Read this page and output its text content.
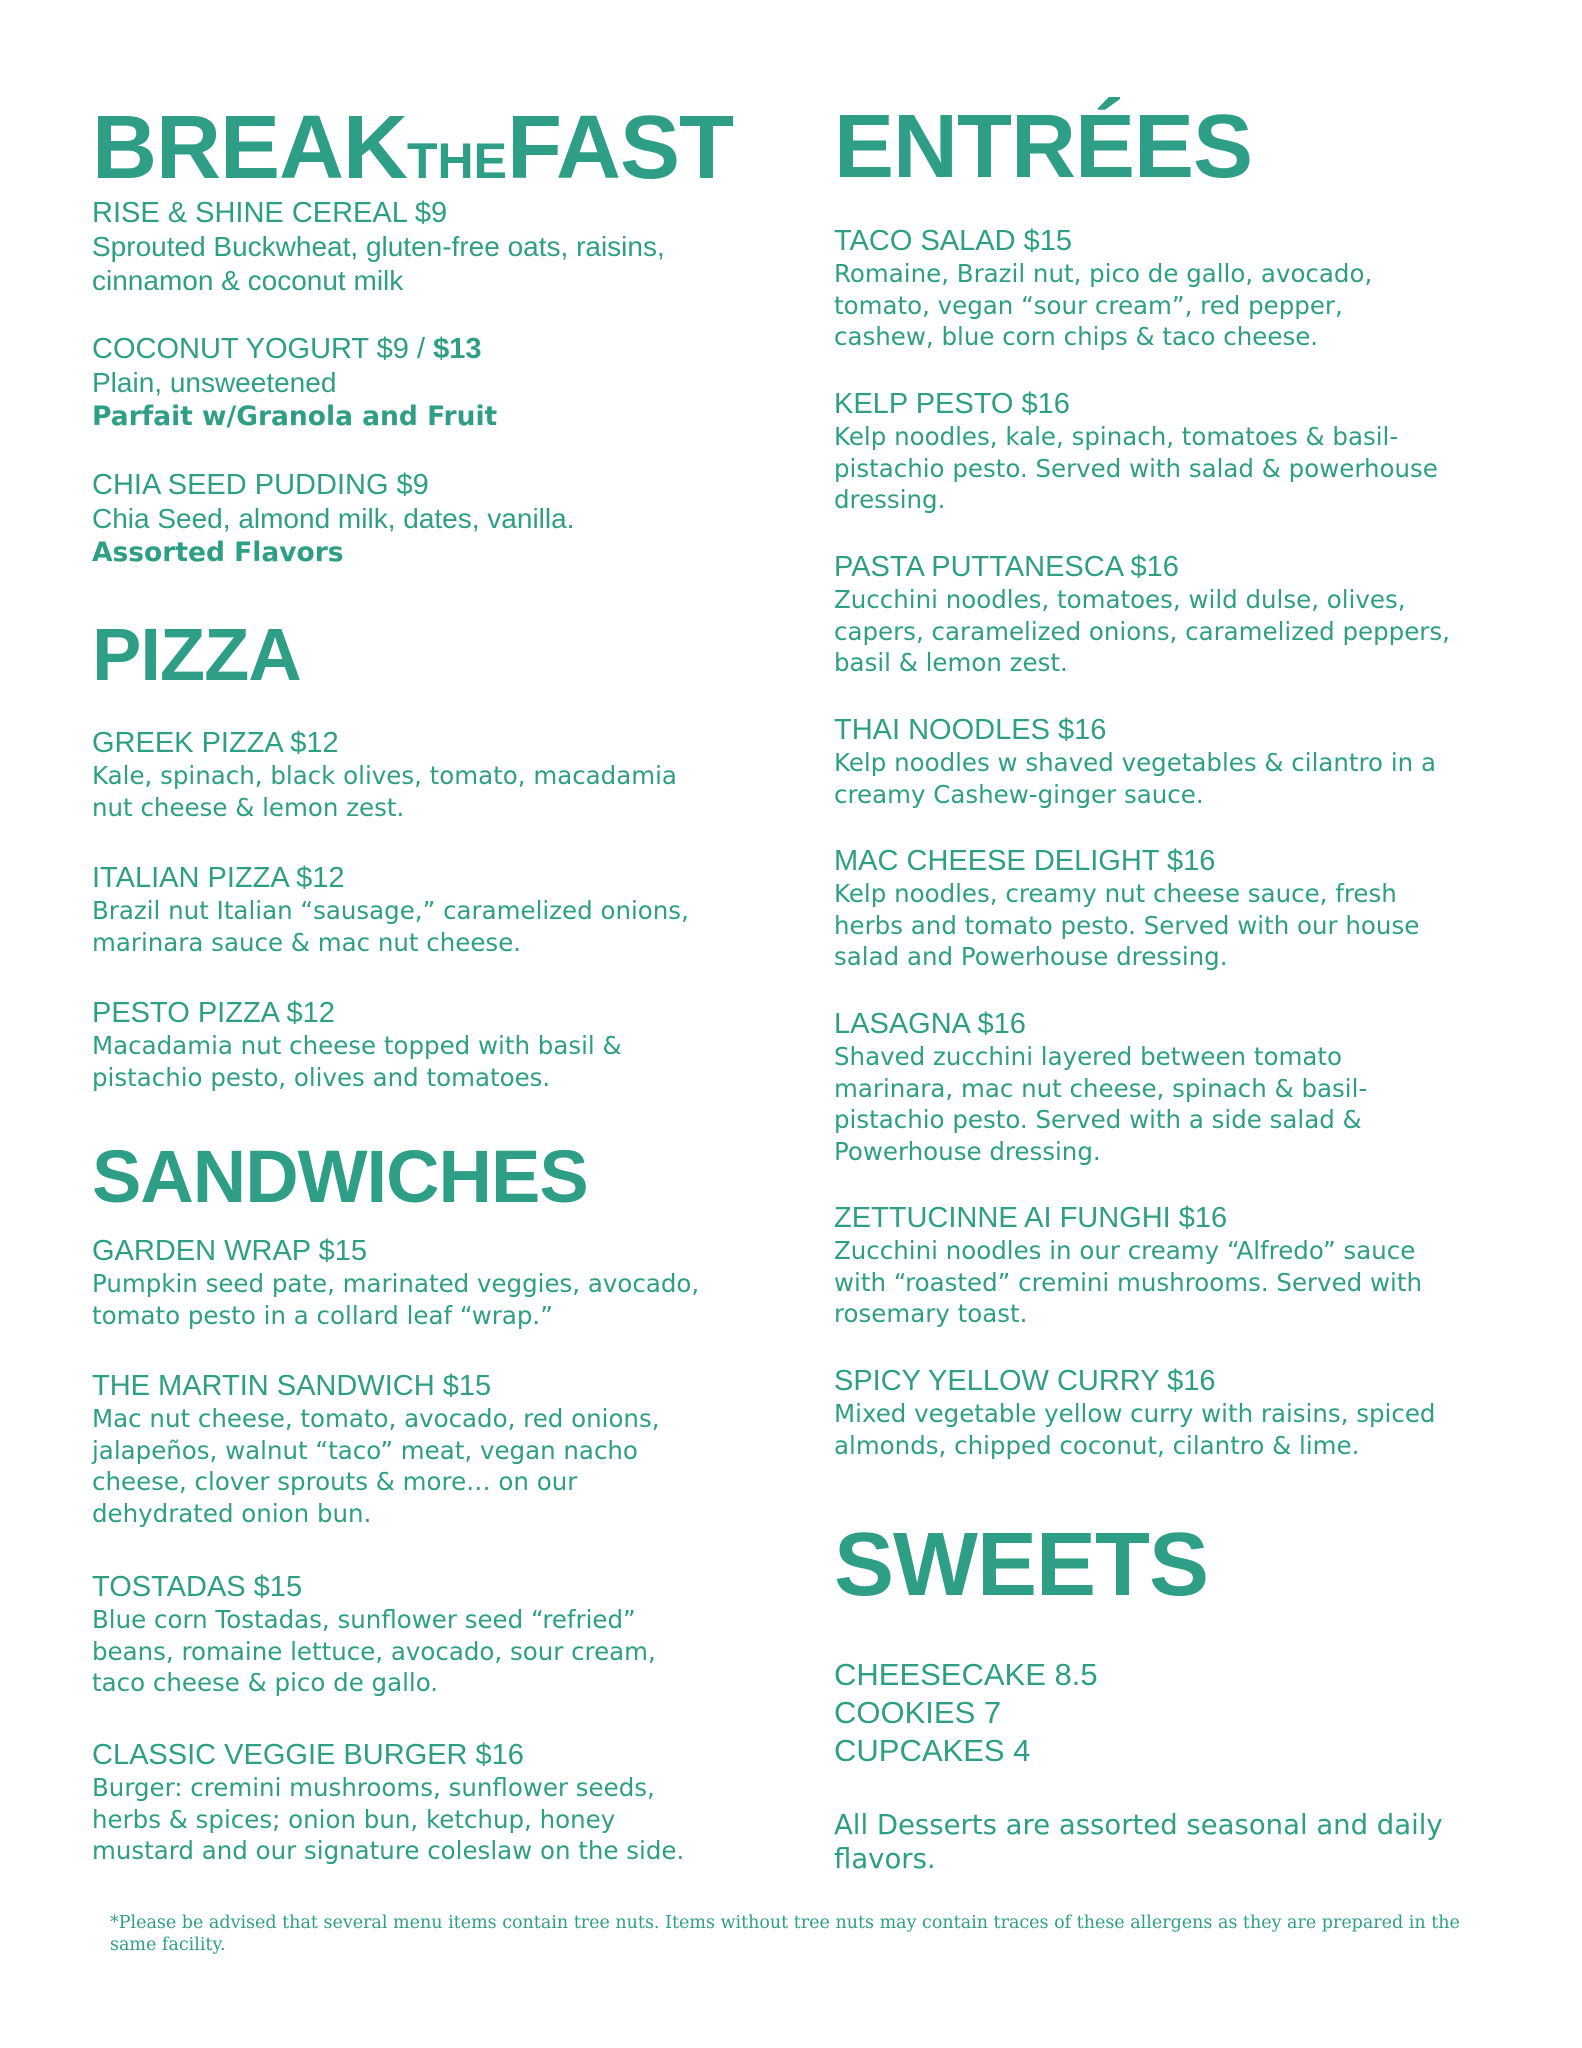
BREAKTHEFAST
RISE & SHINE CEREAL $9
Sprouted Buckwheat, gluten-free oats, raisins,
cinnamon & coconut milk
COCONUT YOGURT $9 / $13
Plain, unsweetened
Parfait w/Granola and Fruit
CHIA SEED PUDDING $9
Chia Seed, almond milk, dates, vanilla.
Assorted Flavors
PIZZA
GREEK PIZZA $12
Kale, spinach, black olives, tomato, macadamia
nut cheese & lemon zest.
ITALIAN PIZZA $12
Brazil nut Italian “sausage,” caramelized onions,
marinara sauce & mac nut cheese.
PESTO PIZZA $12
Macadamia nut cheese topped with basil &
pistachio pesto, olives and tomatoes.
SANDWICHES
GARDEN WRAP $15
Pumpkin seed pate, marinated veggies, avocado,
tomato pesto in a collard leaf “wrap.”
THE MARTIN SANDWICH $15
Mac nut cheese, tomato, avocado, red onions,
jalapeños, walnut “taco” meat, vegan nacho
cheese, clover sprouts & more… on our
dehydrated onion bun.
TOSTADAS $15
Blue corn Tostadas, sunflower seed “refried”
beans, romaine lettuce, avocado, sour cream,
taco cheese & pico de gallo.
CLASSIC VEGGIE BURGER $16
Burger: cremini mushrooms, sunflower seeds,
herbs & spices; onion bun, ketchup, honey
mustard and our signature coleslaw on the side.
ENTRÉES
TACO SALAD $15
Romaine, Brazil nut, pico de gallo, avocado,
tomato, vegan “sour cream”, red pepper,
cashew, blue corn chips & taco cheese.
KELP PESTO $16
Kelp noodles, kale, spinach, tomatoes & basil-
pistachio pesto. Served with salad & powerhouse
dressing.
PASTA PUTTANESCA $16
Zucchini noodles, tomatoes, wild dulse, olives,
capers, caramelized onions, caramelized peppers,
basil & lemon zest.
THAI NOODLES $16
Kelp noodles w shaved vegetables & cilantro in a
creamy Cashew-ginger sauce.
MAC CHEESE DELIGHT $16
Kelp noodles, creamy nut cheese sauce, fresh
herbs and tomato pesto. Served with our house
salad and Powerhouse dressing.
LASAGNA $16
Shaved zucchini layered between tomato
marinara, mac nut cheese, spinach & basil-
pistachio pesto. Served with a side salad &
Powerhouse dressing.
ZETTUCINNE AI FUNGHI $16
Zucchini noodles in our creamy “Alfredo” sauce
with “roasted” cremini mushrooms. Served with
rosemary toast.
SPICY YELLOW CURRY $16
Mixed vegetable yellow curry with raisins, spiced
almonds, chipped coconut, cilantro & lime.
SWEETS
CHEESECAKE 8.5
COOKIES 7
CUPCAKES 4
All Desserts are assorted seasonal and daily
flavors.
*Please be advised that several menu items contain tree nuts. Items without tree nuts may contain traces of these allergens as they are prepared in the
same facility.
